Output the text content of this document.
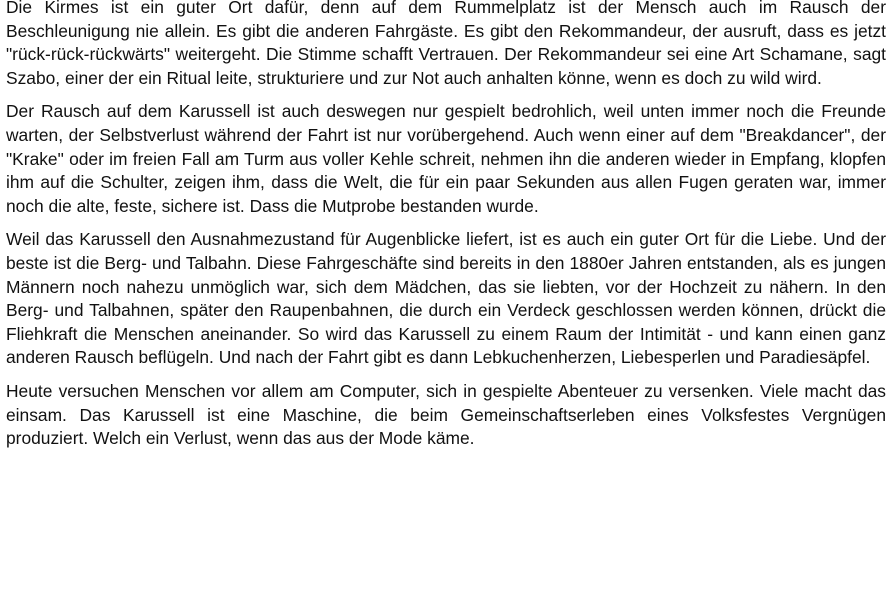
Die Kirmes ist ein guter Ort dafür, denn auf dem Rummelplatz ist der Mensch auch im Rausch der Beschleunigung nie allein. Es gibt die anderen Fahrgäste. Es gibt den Rekommandeur, der ausruft, dass es jetzt "rück-rück-rückwärts" weitergeht. Die Stimme schafft Vertrauen. Der Rekommandeur sei eine Art Schamane, sagt Szabo, einer der ein Ritual leite, strukturiere und zur Not auch anhalten könne, wenn es doch zu wild wird.

Der Rausch auf dem Karussell ist auch deswegen nur gespielt bedrohlich, weil unten immer noch die Freunde warten, der Selbstverlust während der Fahrt ist nur vorübergehend. Auch wenn einer auf dem "Breakdancer", der "Krake" oder im freien Fall am Turm aus voller Kehle schreit, nehmen ihn die anderen wieder in Empfang, klopfen ihm auf die Schulter, zeigen ihm, dass die Welt, die für ein paar Sekunden aus allen Fugen geraten war, immer noch die alte, feste, sichere ist. Dass die Mutprobe bestanden wurde.

Weil das Karussell den Ausnahmezustand für Augenblicke liefert, ist es auch ein guter Ort für die Liebe. Und der beste ist die Berg- und Talbahn. Diese Fahrgeschäfte sind bereits in den 1880er Jahren entstanden, als es jungen Männern noch nahezu unmöglich war, sich dem Mädchen, das sie liebten, vor der Hochzeit zu nähern. In den Berg- und Talbahnen, später den Raupenbahnen, die durch ein Verdeck geschlossen werden können, drückt die Fliehkraft die Menschen aneinander. So wird das Karussell zu einem Raum der Intimität - und kann einen ganz anderen Rausch beflügeln. Und nach der Fahrt gibt es dann Lebkuchenherzen, Liebesperlen und Paradiesäpfel.

Heute versuchen Menschen vor allem am Computer, sich in gespielte Abenteuer zu versenken. Viele macht das einsam. Das Karussell ist eine Maschine, die beim Gemeinschaftserleben eines Volksfestes Vergnügen produziert. Welch ein Verlust, wenn das aus der Mode käme.
